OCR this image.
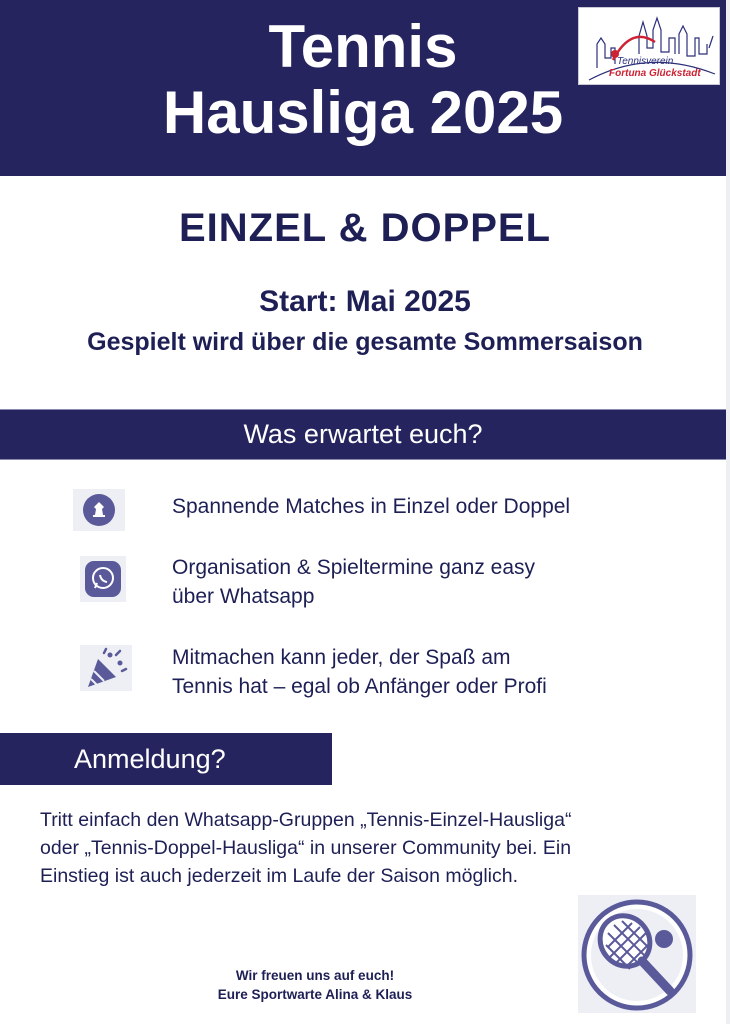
Tennis
Hausliga 2025
Tennisverein
Fortuna Glückstadt
EINZEL & DOPPEL
Start: Mai 2025
Gespielt wird über die gesamte Sommersaison
Was erwartet euch?
Spannende Matches in Einzel oder Doppel
Organisation & Spieltermine ganz easy
über Whatsapp
Mitmachen kann jeder, der Spaß am
Tennis hat – egal ob Anfänger oder Profi
Anmeldung?
Tritt einfach den Whatsapp-Gruppen „Tennis-Einzel-Hausliga“
oder „Tennis-Doppel-Hausliga“ in unserer Community bei. Ein
Einstieg ist auch jederzeit im Laufe der Saison möglich.
Wir freuen uns auf euch!
Eure Sportwarte Alina & Klaus
